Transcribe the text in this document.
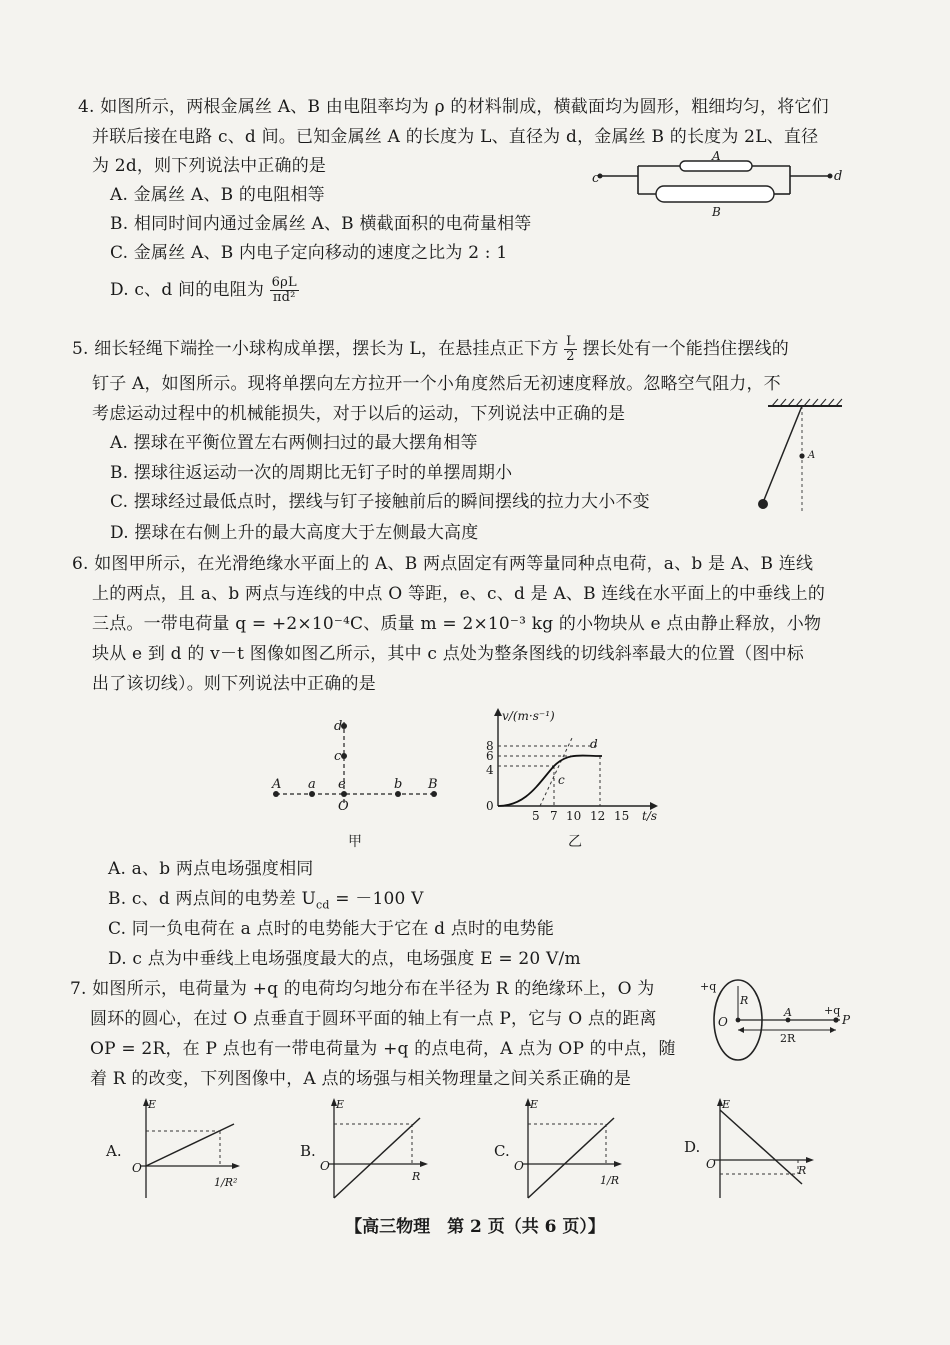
4. 如图所示，两根金属丝 A、B 由电阻率均为 ρ 的材料制成，横截面均为圆形，粗细均匀，将它们
并联后接在电路 c、d 间。已知金属丝 A 的长度为 L、直径为 d，金属丝 B 的长度为 2L、直径
为 2d，则下列说法中正确的是
A. 金属丝 A、B 的电阻相等
B. 相同时间内通过金属丝 A、B 横截面积的电荷量相等
C. 金属丝 A、B 内电子定向移动的速度之比为 2 : 1
D. c、d 间的电阻为 $\frac{6\rho L}{\text{πd²}}$
c	d
A
B
5. 细长轻绳下端拴一小球构成单摆，摆长为 L，在悬挂点正下方 $\frac{L}{2}$ 摆长处有一个能挡住摆线的
钉子 A，如图所示。现将单摆向左方拉开一个小角度然后无初速度释放。忽略空气阻力，不
考虑运动过程中的机械能损失，对于以后的运动，下列说法中正确的是
A. 摆球在平衡位置左右两侧扫过的最大摆角相等
B. 摆球往返运动一次的周期比无钉子时的单摆周期小
C. 摆球经过最低点时，摆线与钉子接触前后的瞬间摆线的拉力大小不变
D. 摆球在右侧上升的最大高度大于左侧最大高度
A
6. 如图甲所示，在光滑绝缘水平面上的 A、B 两点固定有两等量同种点电荷，a、b 是 A、B 连线
上的两点，且 a、b 两点与连线的中点 O 等距，e、c、d 是 A、B 连线在水平面上的中垂线上的
三点。一带电荷量 q = +2×10⁻⁴C、质量 m = 2×10⁻³ kg 的小物块从 e 点由静止释放，小物
块从 e 到 d 的 v－t 图像如图乙所示，其中 c 点处为整条图线的切线斜率最大的位置（图中标
出了该切线）。则下列说法中正确的是
A a e	b B
O
c
d
甲
v/(m·s⁻¹)
t/s
8
6
4
0
5 7 10 12 15
c
d
乙
A. a、b 两点电场强度相同
B. c、d 两点间的电势差 $U_{cd} = -100$ V
C. 同一负电荷在 a 点时的电势能大于它在 d 点时的电势能
D. c 点为中垂线上电场强度最大的点，电场强度 E = 20 V/m
7. 如图所示，电荷量为 +q 的电荷均匀地分布在半径为 R 的绝缘环上，O 为
圆环的圆心，在过 O 点垂直于圆环平面的轴上有一点 P，它与 O 点的距离
OP = 2R，在 P 点也有一带电荷量为 +q 的点电荷，A 点为 OP 的中点，随
着 R 的改变，下列图像中，A 点的场强与相关物理量之间关系正确的是
+q
R
O
A	+q
P
2R
A.
E
O
1/R²
B.
E
O
R
C.
E
O
1/R
D.
E
O	R
【高三物理　第 2 页（共 6 页）】
